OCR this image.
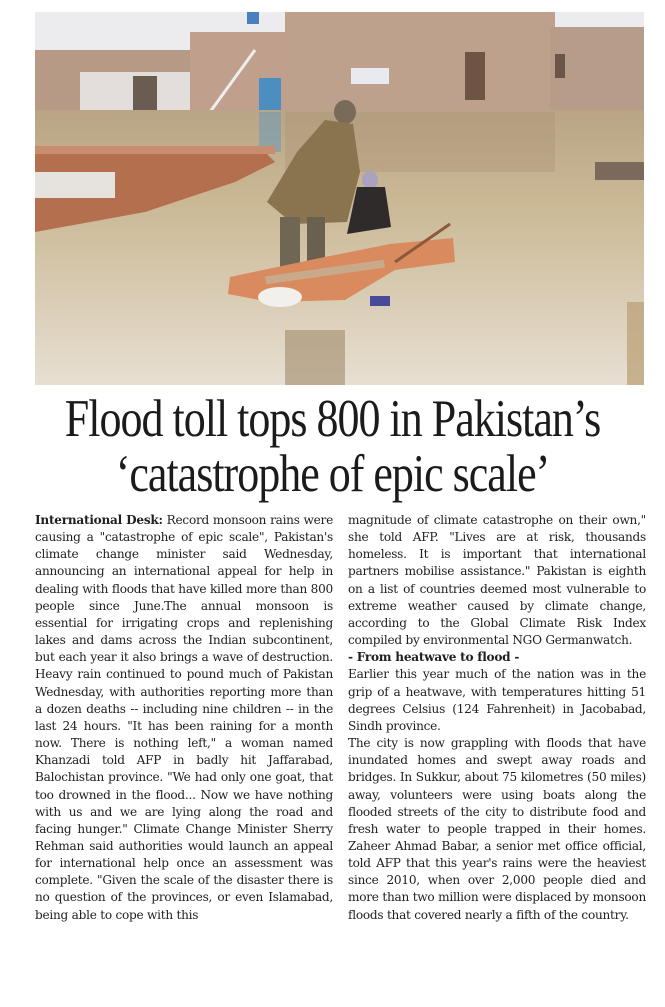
Flood toll tops 800 in Pakistan’s
‘catastrophe of epic scale’

International Desk: Record monsoon rains were causing a "catastrophe of epic scale", Pakistan's climate change minister said Wednesday, announcing an international appeal for help in dealing with floods that have killed more than 800 people since June.The annual monsoon is essential for irrigating crops and replenishing lakes and dams across the Indian subcontinent, but each year it also brings a wave of destruction. Heavy rain continued to pound much of Pakistan Wednesday, with authorities reporting more than a dozen deaths -- including nine children -- in the last 24 hours. "It has been raining for a month now. There is nothing left," a woman named Khanzadi told AFP in badly hit Jaffarabad, Balochistan province. "We had only one goat, that too drowned in the flood... Now we have nothing with us and we are lying along the road and facing hunger." Climate Change Minister Sherry Rehman said authorities would launch an appeal for international help once an assessment was complete. "Given the scale of the disaster there is no question of the provinces, or even Islamabad, being able to cope with this

magnitude of climate catastrophe on their own," she told AFP. "Lives are at risk, thousands homeless. It is important that international partners mobilise assistance." Pakistan is eighth on a list of countries deemed most vulnerable to extreme weather caused by climate change, according to the Global Climate Risk Index compiled by environmental NGO Germanwatch.

- From heatwave to flood -

Earlier this year much of the nation was in the grip of a heatwave, with temperatures hitting 51 degrees Celsius (124 Fahrenheit) in Jacobabad, Sindh province.

The city is now grappling with floods that have inundated homes and swept away roads and bridges. In Sukkur, about 75 kilometres (50 miles) away, volunteers were using boats along the flooded streets of the city to distribute food and fresh water to people trapped in their homes. Zaheer Ahmad Babar, a senior met office official, told AFP that this year's rains were the heaviest since 2010, when over 2,000 people died and more than two million were displaced by monsoon floods that covered nearly a fifth of the country.
